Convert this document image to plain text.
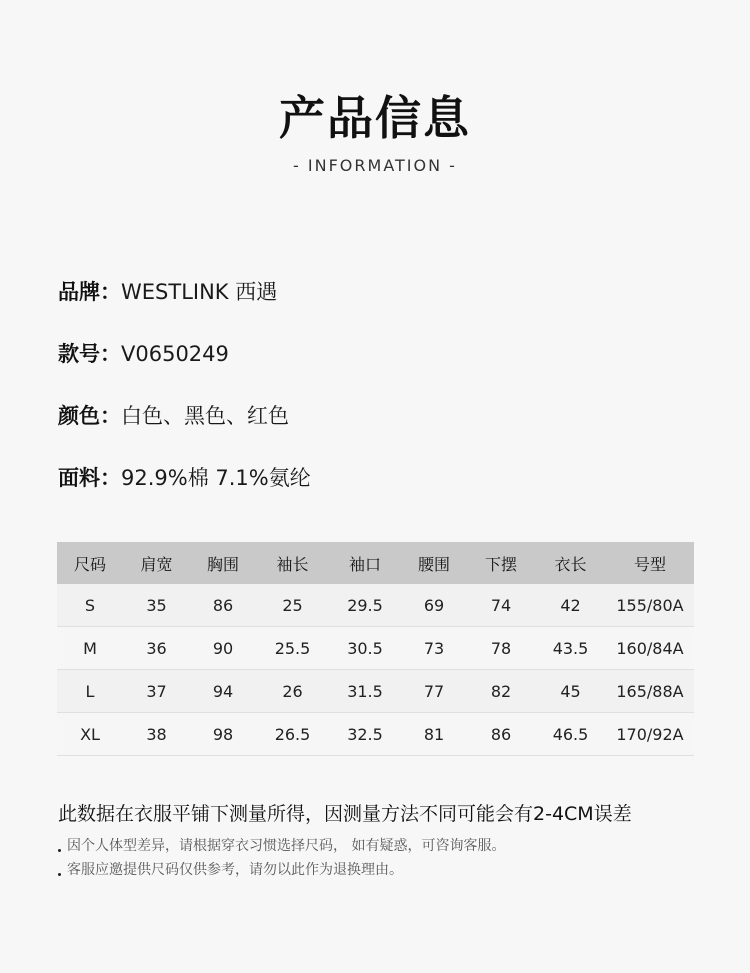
产品信息
- INFORMATION -
品牌：WESTLINK 西遇
款号：V0650249
颜色：白色、黑色、红色
面料：92.9%棉 7.1%氨纶
尺码	肩宽	胸围	袖长	袖口	腰围	下摆	衣长	号型
S	35	86	25	29.5	69	74	42	155/80A
M	36	90	25.5	30.5	73	78	43.5	160/84A
L	37	94	26	31.5	77	82	45	165/88A
XL	38	98	26.5	32.5	81	86	46.5	170/92A
此数据在衣服平铺下测量所得，因测量方法不同可能会有2-4CM误差
因个人体型差异，请根据穿衣习惯选择尺码， 如有疑惑，可咨询客服。
客服应邀提供尺码仅供参考，请勿以此作为退换理由。
